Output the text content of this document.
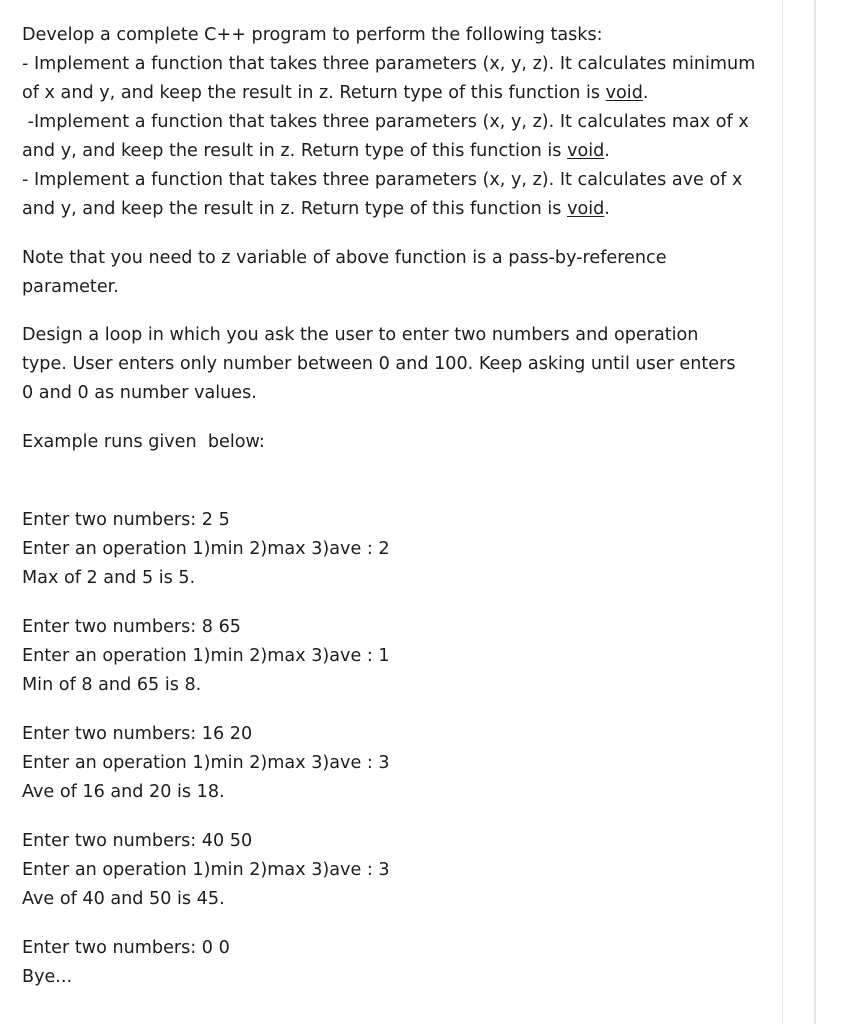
Develop a complete C++ program to perform the following tasks:
- Implement a function that takes three parameters (x, y, z). It calculates minimum
of x and y, and keep the result in z. Return type of this function is void.
-Implement a function that takes three parameters (x, y, z). It calculates max of x
and y, and keep the result in z. Return type of this function is void.
- Implement a function that takes three parameters (x, y, z). It calculates ave of x
and y, and keep the result in z. Return type of this function is void.
Note that you need to z variable of above function is a pass-by-reference
parameter.
Design a loop in which you ask the user to enter two numbers and operation
type. User enters only number between 0 and 100. Keep asking until user enters
0 and 0 as number values.
Example runs given  below:
Enter two numbers: 2 5
Enter an operation 1)min 2)max 3)ave : 2
Max of 2 and 5 is 5.
Enter two numbers: 8 65
Enter an operation 1)min 2)max 3)ave : 1
Min of 8 and 65 is 8.
Enter two numbers: 16 20
Enter an operation 1)min 2)max 3)ave : 3
Ave of 16 and 20 is 18.
Enter two numbers: 40 50
Enter an operation 1)min 2)max 3)ave : 3
Ave of 40 and 50 is 45.
Enter two numbers: 0 0
Bye...
